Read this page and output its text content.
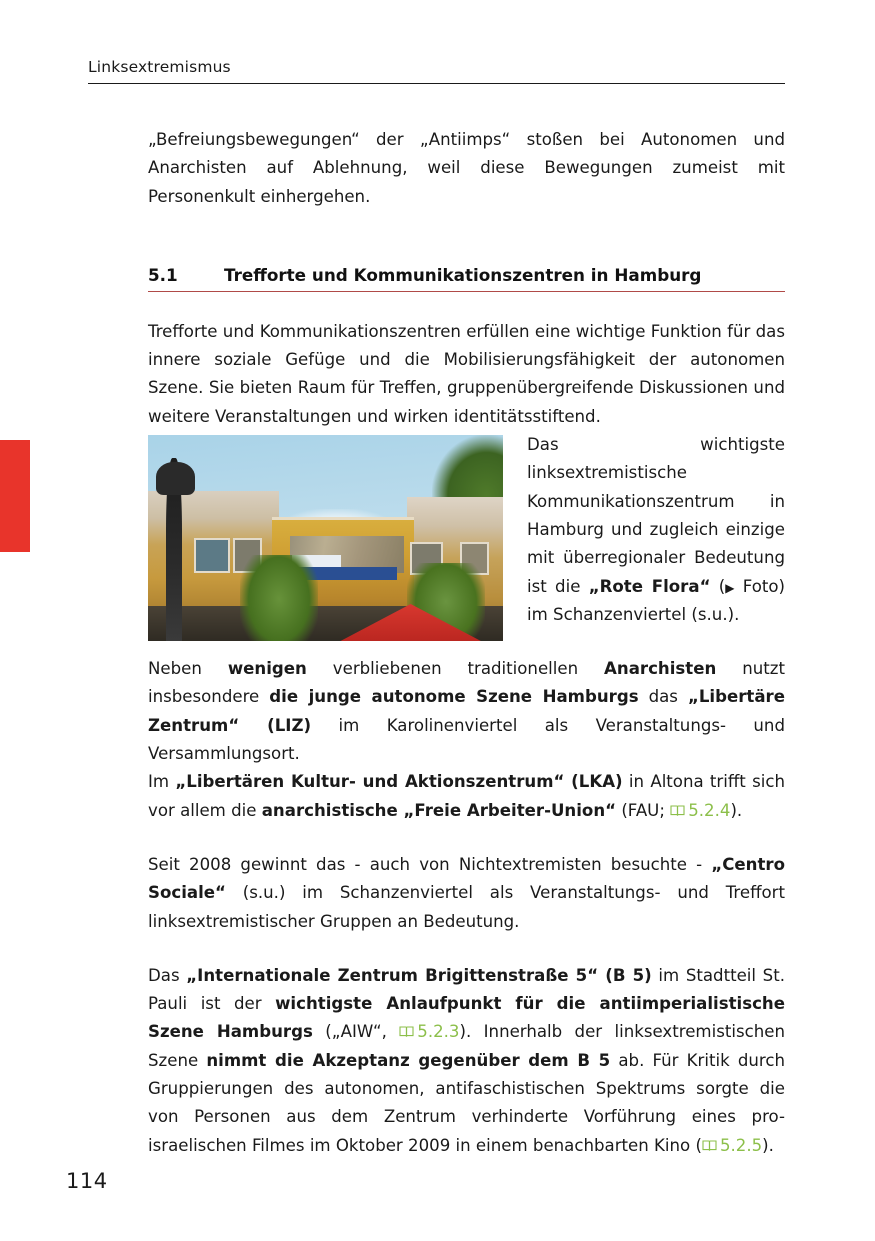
Linksextremismus

„Befreiungsbewegungen“ der „Antiimps“ stoßen bei Autonomen und Anarchisten auf Ablehnung, weil diese Bewegungen zumeist mit Personenkult einhergehen.

5.1	Trefforte und Kommunikationszentren in Hamburg

Trefforte und Kommunikationszentren erfüllen eine wichtige Funktion für das innere soziale Gefüge und die Mobilisierungsfähigkeit der autonomen Szene. Sie bieten Raum für Treffen, gruppenübergreifende Diskussionen und weitere Veranstaltungen und wirken identitätsstiftend.

Das wichtigste linksextremistische Kommunikationszentrum in Hamburg und zugleich einzige mit überregionaler Bedeutung ist die „Rote Flora“ (▶ Foto) im Schanzenviertel (s.u.).

Neben wenigen verbliebenen traditionellen Anarchisten nutzt insbesondere die junge autonome Szene Hamburgs das „Libertäre Zentrum“ (LIZ) im Karolinenviertel als Veranstaltungs- und Versammlungsort.

Im „Libertären Kultur- und Aktionszentrum“ (LKA) in Altona trifft sich vor allem die anarchistische „Freie Arbeiter-Union“ (FAU; 5.2.4).

Seit 2008 gewinnt das - auch von Nichtextremisten besuchte - „Centro Sociale“ (s.u.) im Schanzenviertel als Veranstaltungs- und Treffort linksextremistischer Gruppen an Bedeutung.

Das „Internationale Zentrum Brigittenstraße 5“ (B 5) im Stadtteil St. Pauli ist der wichtigste Anlaufpunkt für die antiimperialistische Szene Hamburgs („AIW“, 5.2.3). Innerhalb der linksextremistischen Szene nimmt die Akzeptanz gegenüber dem B 5 ab. Für Kritik durch Gruppierungen des autonomen, antifaschistischen Spektrums sorgte die von Personen aus dem Zentrum verhinderte Vorführung eines pro-israelischen Filmes im Oktober 2009 in einem benachbarten Kino ( 5.2.5).

114
